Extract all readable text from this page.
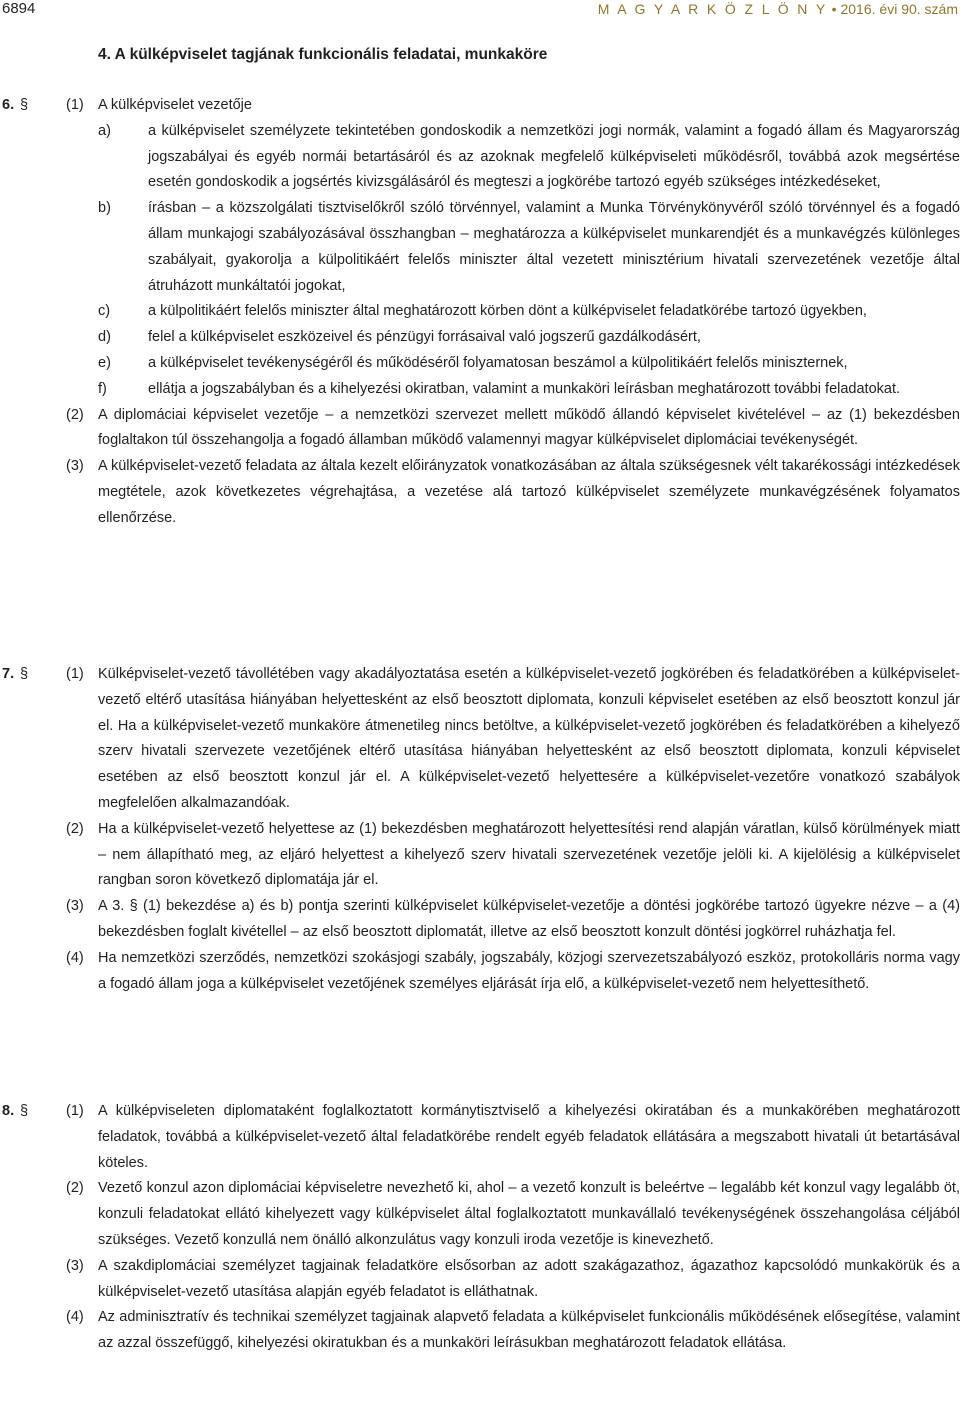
6894	M A G Y A R K Ö Z L Ö N Y • 2016. évi 90. szám
4. A külképviselet tagjának funkcionális feladatai, munkaköre
6. §	(1) A külképviselet vezetője
a)	a külképviselet személyzete tekintetében gondoskodik a nemzetközi jogi normák, valamint a fogadó állam és Magyarország jogszabályai és egyéb normái betartásáról és az azoknak megfelelő külképviseleti működésről, továbbá azok megsértése esetén gondoskodik a jogsértés kivizsgálásáról és megteszi a jogkörébe tartozó egyéb szükséges intézkedéseket,
b)	írásban – a közszolgálati tisztviselőkről szóló törvénnyel, valamint a Munka Törvénykönyvéről szóló törvénnyel és a fogadó állam munkajogi szabályozásával összhangban – meghatározza a külképviselet munkarendjét és a munkavégzés különleges szabályait, gyakorolja a külpolitikáért felelős miniszter által vezetett minisztérium hivatali szervezetének vezetője által átruházott munkáltatói jogokat,
c)	a külpolitikáért felelős miniszter által meghatározott körben dönt a külképviselet feladatkörébe tartozó ügyekben,
d)	felel a külképviselet eszközeivel és pénzügyi forrásaival való jogszerű gazdálkodásért,
e)	a külképviselet tevékenységéről és működéséről folyamatosan beszámol a külpolitikáért felelős miniszternek,
f)	ellátja a jogszabályban és a kihelyezési okiratban, valamint a munkaköri leírásban meghatározott további feladatokat.
(2) A diplomáciai képviselet vezetője – a nemzetközi szervezet mellett működő állandó képviselet kivételével – az (1) bekezdésben foglaltakon túl összehangolja a fogadó államban működő valamennyi magyar külképviselet diplomáciai tevékenységét.
(3) A külképviselet-vezető feladata az általa kezelt előirányzatok vonatkozásában az általa szükségesnek vélt takarékossági intézkedések megtétele, azok következetes végrehajtása, a vezetése alá tartozó külképviselet személyzete munkavégzésének folyamatos ellenőrzése.
7. §	(1) Külképviselet-vezető távollétében vagy akadályoztatása esetén a külképviselet-vezető jogkörében és feladatkörében a külképviselet-vezető eltérő utasítása hiányában helyettesként az első beosztott diplomata, konzuli képviselet esetében az első beosztott konzul jár el. Ha a külképviselet-vezető munkaköre átmenetileg nincs betöltve, a külképviselet-vezető jogkörében és feladatkörében a kihelyező szerv hivatali szervezete vezetőjének eltérő utasítása hiányában helyettesként az első beosztott diplomata, konzuli képviselet esetében az első beosztott konzul jár el. A külképviselet-vezető helyettesére a külképviselet-vezetőre vonatkozó szabályok megfelelően alkalmazandóak.
(2) Ha a külképviselet-vezető helyettese az (1) bekezdésben meghatározott helyettesítési rend alapján váratlan, külső körülmények miatt – nem állapítható meg, az eljáró helyettest a kihelyező szerv hivatali szervezetének vezetője jelöli ki. A kijelölésig a külképviselet rangban soron következő diplomatája jár el.
(3) A 3. § (1) bekezdése a) és b) pontja szerinti külképviselet külképviselet-vezetője a döntési jogkörébe tartozó ügyekre nézve – a (4) bekezdésben foglalt kivétellel – az első beosztott diplomatát, illetve az első beosztott konzult döntési jogkörrel ruházhatja fel.
(4) Ha nemzetközi szerződés, nemzetközi szokásjogi szabály, jogszabály, közjogi szervezetszabályozó eszköz, protokolláris norma vagy a fogadó állam joga a külképviselet vezetőjének személyes eljárását írja elő, a külképviselet-vezető nem helyettesíthető.
8. §	(1) A külképviseleten diplomataként foglalkoztatott kormánytisztviselő a kihelyezési okiratában és a munkakörében meghatározott feladatok, továbbá a külképviselet-vezető által feladatkörébe rendelt egyéb feladatok ellátására a megszabott hivatali út betartásával köteles.
(2) Vezető konzul azon diplomáciai képviseletre nevezhető ki, ahol – a vezető konzult is beleértve – legalább két konzul vagy legalább öt, konzuli feladatokat ellátó kihelyezett vagy külképviselet által foglalkoztatott munkavállaló tevékenységének összehangolása céljából szükséges. Vezető konzullá nem önálló alkonzulátus vagy konzuli iroda vezetője is kinevezhető.
(3) A szakdiplomáciai személyzet tagjainak feladatköre elsősorban az adott szakágazathoz, ágazathoz kapcsolódó munkakörük és a külképviselet-vezető utasítása alapján egyéb feladatot is elláthatnak.
(4) Az adminisztratív és technikai személyzet tagjainak alapvető feladata a külképviselet funkcionális működésének elősegítése, valamint az azzal összefüggő, kihelyezési okiratukban és a munkaköri leírásukban meghatározott feladatok ellátása.
